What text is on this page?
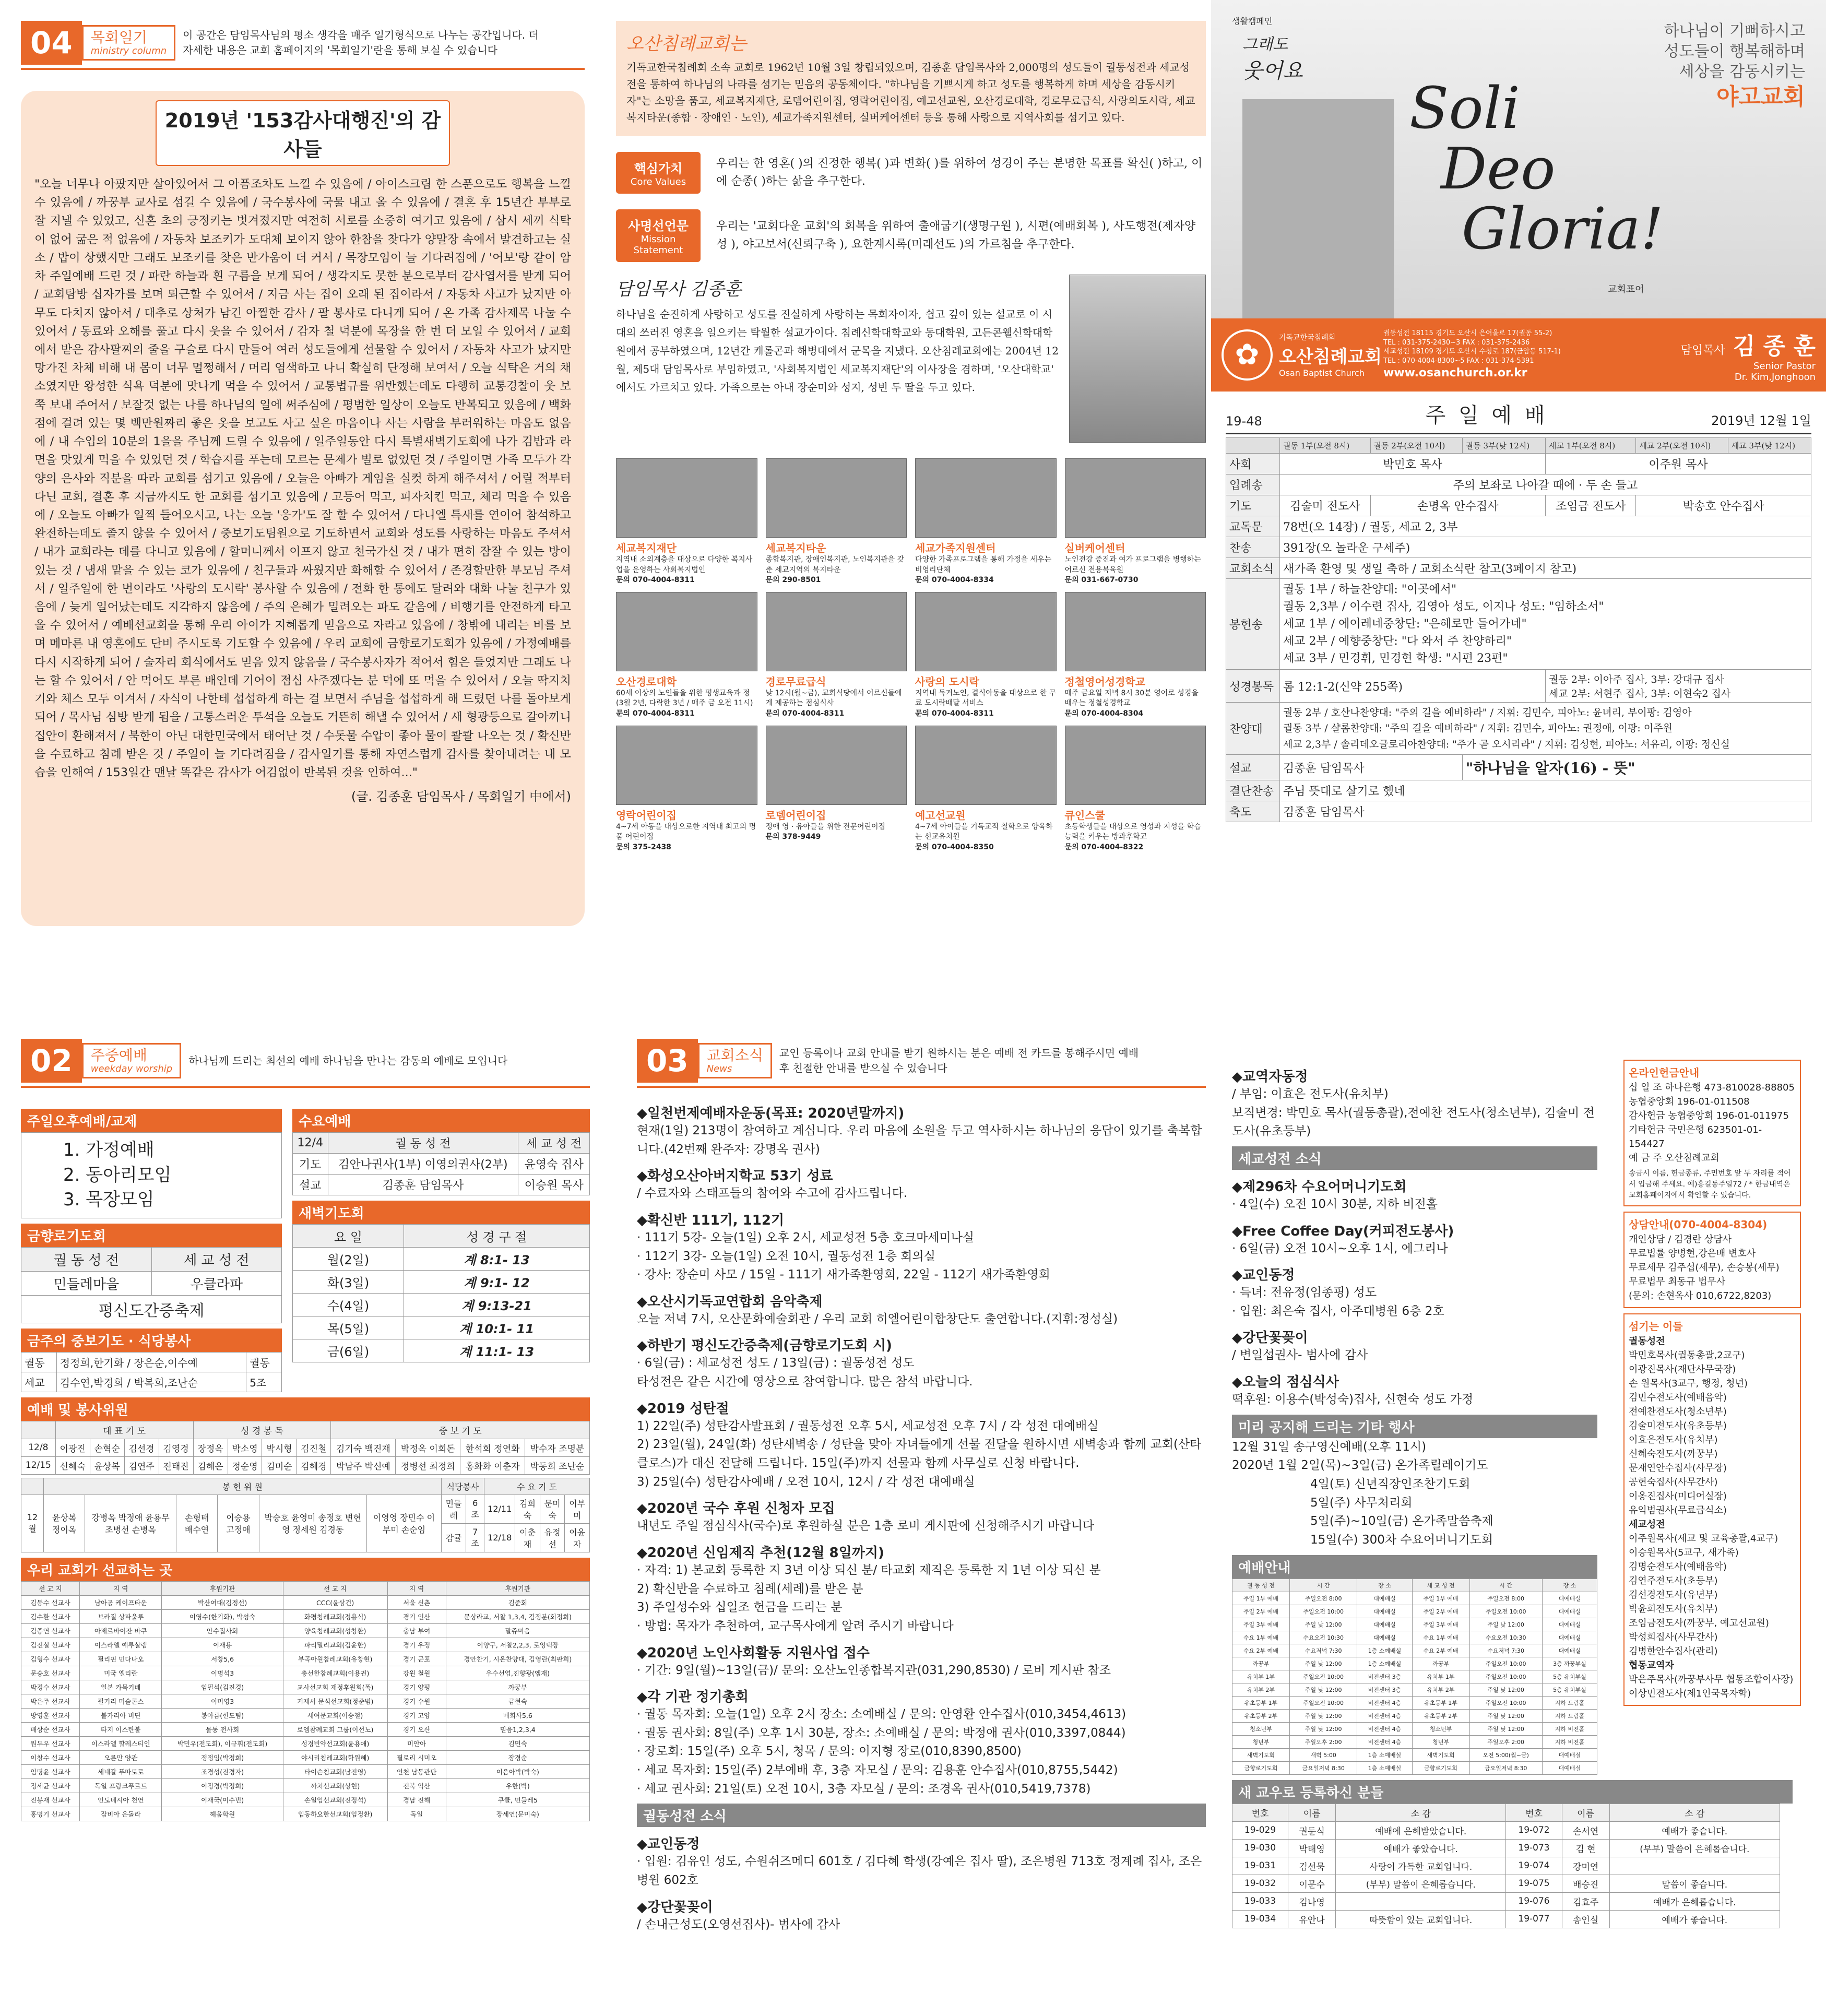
04 목회일기
ministry column
이 공간은 담임목사님의 평소 생각을 매주 일기형식으로 나누는 공간입니다. 더 자세한 내용은 교회 홈페이지의 '목회일기'란을 통해 보실 수 있습니다
2019년 '153감사대행진'의 감사들
"오늘 너무나 아팠지만 살아있어서 그 아픔조차도 느낄 수 있음에 / 아이스크림 한 스푼으로도 행복을 느낄 수 있음에 / 까꿍부 교사로 섬길 수 있음에 / 국수봉사에 국물 내고 올 수 있음에 / 결혼 후 15년간 부부로 잘 지낼 수 있었고, 신혼 초의 긍정키는 벗겨졌지만 여전히 서로를 소중히 여기고 있음에 / 삼시 세끼 식탁이 없어 굶은 적 없음에 / 자동차 보조키가 도대체 보이지 않아 한참을 찾다가 양말장 속에서 발견하고는 실소 / 밥이 상했지만 그래도 보조키를 찾은 반가움이 더 커서 / 목장모임이 늘 기다려짐에 / '어보'랑 같이 암차 주일예배 드린 것 / 파란 하늘과 흰 구름을 보게 되어 / 생각지도 못한 분으로부터 감사엽서를 받게 되어 / 교회탐방 십자가를 보며 퇴근할 수 있어서 / 지금 사는 집이 오래 된 집이라서 / 자동차 사고가 났지만 아무도 다치지 않아서 / 대추로 상처가 남긴 아찔한 감사 / 팔 봉사로 다니게 되어 / 온 가족 감사제목 나눌 수 있어서 / 동료와 오해를 풀고 다시 웃을 수 있어서 / 감자 철 덕분에 목장을 한 번 더 모일 수 있어서 / 교회에서 받은 감사팔찌의 줄을 구슬로 다시 만들어 여러 성도들에게 선물할 수 있어서 / 자동차 사고가 났지만 망가진 차체 비해 내 몸이 너무 멀쩡해서 / 머리 염색하고 나니 확실히 단정해 보여서 / 오늘 식탁은 거의 채소였지만 왕성한 식욕 덕분에 맛나게 먹을 수 있어서 / 교통법규를 위반했는데도 다행히 교통경찰이 웃 보 쭉 보내 주어서 / 보잘것 없는 나를 하나님의 일에 써주심에 / 평범한 일상이 오늘도 반복되고 있음에 / 백화점에 걸려 있는 몇 백만원짜리 좋은 옷을 보고도 사고 싶은 마음이나 사는 사람을 부러워하는 마음도 없음에 / 내 수입의 10분의 1을을 주님께 드릴 수 있음에 / 일주일동안 다시 특별새벽기도회에 나가 김밥과 라면을 맛있게 먹을 수 있었던 것 / 학습지를 푸는데 모르는 문제가 별로 없었던 것 / 주일이면 가족 모두가 각양의 은사와 직분을 따라 교회를 섬기고 있음에 / 오늘은 아빠가 게임을 실컷 하게 해주셔서 / 어릴 적부터 다닌 교회, 결혼 후 지금까지도 한 교회를 섬기고 있음에 / 고등어 먹고, 피자치킨 먹고, 체리 먹을 수 있음에 / 오늘도 아빠가 일찍 들어오시고, 나는 오늘 '응가'도 잘 할 수 있어서 / 다니엘 특새를 연이어 참석하고 완전하는데도 졸지 않을 수 있어서 / 중보기도팀원으로 기도하면서 교회와 성도를 사랑하는 마음도 주셔서 / 내가 교회라는 데를 다니고 있음에 / 할머니께서 이프지 않고 천국가신 것 / 내가 편히 잠잘 수 있는 방이 있는 것 / 냄새 맡을 수 있는 코가 있음에 / 친구들과 싸웠지만 화해할 수 있어서 / 존경할만한 부모님 주셔서 / 일주일에 한 번이라도 '사랑의 도시락' 봉사할 수 있음에 / 전화 한 통에도 달려와 대화 나눌 친구가 있음에 / 늦게 일어났는데도 지각하지 않음에 / 주의 은혜가 밀려오는 파도 같음에 / 비행기를 안전하게 타고 올 수 있어서 / 예배선교회을 통해 우리 아이가 지혜롭게 믿음으로 자라고 있음에 / 창밖에 내리는 비를 보며 메마른 내 영혼에도 단비 주시도록 기도할 수 있음에 / 우리 교회에 금향로기도회가 있음에 / 가정예배를 다시 시작하게 되어 / 술자리 회식에서도 믿음 있지 않음을 / 국수봉사자가 적어서 힘은 들었지만 그래도 나는 할 수 있어서 / 안 먹어도 부른 배인데 기어이 점심 사주겠다는 분 덕에 또 먹을 수 있어서 / 오늘 딱지치기와 체스 모두 이겨서 / 자식이 나한테 섭섭하게 하는 걸 보면서 주님을 섭섭하게 해 드렸던 나를 돌아보게 되어 / 목사님 심방 받게 됨을 / 고통스러운 투석을 오늘도 거뜬히 해낼 수 있어서 / 새 형광등으로 갈아끼니 집안이 환해져서 / 북한이 아닌 대한민국에서 태어난 것 / 수돗물 수압이 좋아 물이 콸콸 나오는 것 / 확신반을 수료하고 침례 받은 것 / 주일이 늘 기다려짐을 / 감사일기를 통해 자연스럽게 감사를 찾아내려는 내 모습을 인해여 / 153일간 맨날 똑같은 감사가 어김없이 반복된 것을 인하여..."
(글. 김종훈 담임목사 / 목회일기 中에서)
오산침례교회는
기독교한국침례회 소속 교회로 1962년 10월 3일 창립되었으며, 김종훈 담임목사와 2,000명의 성도들이 궐동성전과 세교성전을 통하여 하나님의 나라를 섬기는 믿음의 공동체이다. "하나님을 기쁘시게 하고 성도를 행복하게 하며 세상을 감동시키자"는 소망을 품고, 세교복지재단, 로뎀어린이집, 영락어린이집, 예고선교원, 오산경로대학, 경로무료급식, 사랑의도시락, 세교복지타운(종합 · 장애인 · 노인), 세교가족지원센터, 실버케어센터 등을 통해 사랑으로 지역사회를 섬기고 있다.
핵심가치
Core Values
우리는 한 영혼( )의 진정한 행복( )과 변화( )를 위하여 성경이 주는 분명한 목표를 확신( )하고, 이에 순종( )하는 삶을 추구한다.
사명선언문
Mission Statement
우리는 '교회다운 교회'의 회복을 위하여 출애굽기(생명구원 ), 시편(예배회복 ), 사도행전(제자양성 ), 야고보서(신뢰구축 ), 요한계시록(미래선도 )의 가르침을 추구한다.
담임목사 김종훈
하나님을 순진하게 사랑하고 성도를 진실하게 사랑하는 목회자이자, 쉽고 깊이 있는 설교로 이 시대의 쓰러진 영혼을 일으키는 탁월한 설교가이다. 침례신학대학교와 동대학원, 고든콘웰신학대학원에서 공부하였으며, 12년간 캐롤곤과 해병대에서 군목을 지냈다. 오산침례교회에는 2004년 12월, 제5대 담임목사로 부임하였고, '사회복지법인 세교복지재단'의 이사장을 겸하며, '오산대학교' 에서도 가르치고 있다. 가족으로는 아내 장순미와 성지, 성빈 두 딸을 두고 있다.
세교복지재단
지역내 소외계층을 대상으로 다양한 복지사업을 운영하는 사회복지법인
문의 070-4004-8311
세교복지타운
종합복지관, 장애인복지관, 노인복지관을 갖춘 세교지역의 복지타운
문의 290-8501
세교가족지원센터
다양한 가족프로그램을 통해 가정을 세우는 비영리단체
문의 070-4004-8334
실버케어센터
노인전강 증진과 여가 프로그램을 병행하는 어르신 전용복육원
문의 031-667-0730
오산경로대학
60세 이상의 노인들을 위한 평생교육과 정(3월 2년, 다락한 3년 / 매주 금 오전 11시)
문의 070-4004-8311
경로무료급식
낮 12시(월~금), 교회식당에서 어르신들에게 제공하는 점심식사
문의 070-4004-8311
사랑의 도시락
지역내 독거노인, 결식아동을 대상으로 한 무료 도시락배달 서비스
문의 070-4004-8311
정철영어성경학교
매주 금요일 저녁 8시 30분 영어로 성경을 배우는 정철성경학교
문의 070-4004-8304
영락어린이집
4~7세 아동을 대상으로한 지역내 최고의 명품 어린이집
문의 375-2438
로뎀어린이집
정애 영 · 유아들을 위한 전문어린이집
문의 378-9449
예고선교원
4~7세 아이들을 기독교적 철학으로 양육하는 선교유치원
문의 070-4004-8350
큐인스쿨
초등학생들을 대상으로 영성과 지성을 학습능력을 키우는 방과후학교
문의 070-4004-8322
생활캠페인
그래도
웃어요
하나님이 기뻐하시고
성도들이 행복해하며
세상을 감동시키는
야고교회
Soli
Deo
Gloria!
교회표어
✿	기독교한국침례회
오산침례교회
Osan Baptist Church
궐동성전 18115 경기도 오산시 은여울로 17(궐동 55-2)
TEL : 031-375-2430~3 FAX : 031-375-2436
세교성전 18109 경기도 오산시 수청로 187(금암동 517-1)
TEL : 070-4004-8300~5 FAX : 031-374-5391
www.osanchurch.or.kr
담임목사 김 종 훈
Senior Pastor
Dr. Kim,Jonghoon
19-48	주 일 예 배	2019년 12월 1일
	궐동 1부(오전 8시)	궐동 2부(오전 10시)	궐동 3부(낮 12시)	세교 1부(오전 8시)	세교 2부(오전 10시)	세교 3부(낮 12시)
사회	박민호 목사			이주원 목사		
입례송	주의 보좌로 나아갈 때에 · 두 손 들고					
기도	김술미 전도사	손명옥 안수집사		조임금 전도사	박송호 안수집사	
교독문	78번(오 14장) / 궐동, 세교 2, 3부					
찬송	391장(오 놀라운 구세주)					
교회소식	새가족 환영 및 생일 축하 / 교회소식란 참고(3페이지 참고)					
봉헌송	궐동 1부 / 하늘찬양대: "이곳에서"
궐동 2,3부 / 이수련 집사, 김영아 성도, 이지나 성도: "임하소서"
세교 1부 / 에이레네중창단: "은혜로만 들어가네"
세교 2부 / 예향중창단: "다 와서 주 찬양하리"
세교 3부 / 민경휘, 민경현 학생: "시편 23편"					

성경봉독	롬 12:1-2(신약 255쪽)			궐동 2부: 이아주 집사, 3부: 강대규 집사
세교 2부: 서현주 집사, 3부: 이현숙2 집사		

찬양대	궐동 2부 / 호산나찬양대: "주의 길을 예비하라" / 지휘: 김민수, 피아노: 윤녀리, 부이팡: 김영아
궐동 3부 / 샬롬찬양대: "주의 길을 예비하라" / 지휘: 김민수, 피아노: 권정애, 이팡: 이주원
세교 2,3부 / 솔리데오글로리아찬양대: "주가 곧 오시리라" / 지휘: 김성현, 피아노: 서유리, 이팡: 정신실					

설교	김종훈 담임목사		"하나님을 알자(16) - 뜻"			
결단찬송	주님 뜻대로 살기로 했네					
축도	김종훈 담임목사					
02 주중예배
weekday worship
하나님께 드리는 최선의 예배 하나님을 만나는 감동의 예배로 모입니다
주일오후예배/교제
1. 가정예배
2. 동아리모임
3. 목장모임
금향로기도회
궐 동 성 전	세 교 성 전
민들레마을	우클라파
평신도간증축제	
금주의 중보기도 · 식당봉사
궐동	정정희,한기화 / 장은순,이수예	궐동
세교	김수연,박경희 / 박복희,조난순	5조
수요예배
12/4	궐 동 성 전	세 교 성 전
기도	김안나권사(1부) 이영의권사(2부)	윤영숙 집사
설교	김종훈 담임목사	이승원 목사
새벽기도회
요 일	성 경 구 절
월(2일)	계 8:1- 13
화(3일)	계 9:1- 12
수(4일)	계 9:13-21
목(5일)	계 10:1- 11
금(6일)	계 11:1- 13
예배 및 봉사위원
	대 표 기 도				성 경 봉 독				중 보 기 도			
12/8	이광진	손혁순	김선경	김영경	장정옥	박소영	박시형	김진철	김기숙 백진재	박정옥 이희돈	한석희 정연화	박수자 조명분
12/15	신혜숙	윤상복	김연주	전태진	김혜은	정순영	김미순	김혜경	박남주 박신예	정병선 최정희	홍화화 이춘자	박동희 조난순
	봉 헌 위 원						식당봉사		수 요 기 도			
12월	윤상복 정이옥	강병옥 박정애 윤용무 조병선 손병옥	손형태 배수연	이승용 고정애	박승호 윤영미 송정호 변현영 정세원 김경동	이영영 장민수 이부미 손순임	민들레	6조	12/11	김희숙	문미숙	이부미
							감귤	7조	12/18	이춘재	유정선	이윤자
우리 교회가 선교하는 곳
선 교 지	지 역	후원기관	선 교 지	지 역	후원기관
김동수 선교사	남아공 케이프타운	박산여대(김정선)	CCC(윤상건)	서울 신촌	김준회
김수환 선교사	브라질 상파울루	이영수(한기화), 박성숙	화평침례교회(정용식)	경기 인산	문상라교, 서찰 1,3,4, 김정분(회정희)
김종연 선교사	아제르바이잔 바쿠	안수집사회	양육침례교회(성창환)	충남 부여	말쥬미음
김진실 선교사	이스라엘 예루살렘	이재용	파리밀리교회(김윤한)	경기 우정	이양구, 서찰2,2,3, 로잉택장
김형수 선교사	필리핀 민다나오	서창5,6	부곡아원참례교회(유창현)	경기 군포	경안찬기, 시온찬양대, 김영란(최판희)
문승호 선교사	미국 엘리란	이명석3	충선한참례교회(이용권)	강원 철원	우수선업,진향광(엠재)
박경수 선교사	일본 카목키베	임필석(김진경)	교사선교회 재정후원회(폭)	경기 양평	까꿍부
박은주 선교사	필기리 미술콘스	이미영3	거제서 문석선교회(정준범)	경기 수원	금현숙
방영훈 선교사	불가리아 비딘	봉아름(헌도팀)	세여문교회(이승철)	경기 고양	매회사5,6
배상순 선교사	타지 이스탄불	물동 전사회	로엠참례교회 그룹(이선노)	경기 오산	믿음1,2,3,4
원두우 선교사	이스라엘 할레스티인	박민우(전도회), 이규휘(전도회)	성경빈약선교회(윤용애)	미안아	김민숙
이창수 선교사	오른만 양관	정정임(박정희)	야시리침례교회(학원혜)	필로리 시미오	장경순
임명윤 선교사	세네갈 푸따토로	조경성(전경자)	타이슨침교회(남진영)	인천 남동관단	이음아박(박숙)
정세균 선교사	독일 프랑크푸르트	이정경(박정희)	까치선교회(상현)	전북 익산	우한(박)
진봉재 선교사	인도네시아 천연	이재국(이수빈)	손일임선교회(진정석)	경남 진해	쿠클, 민들레5
홍명기 선교사	잠비아 운돌라	헤움학원	임동하요한선교회(임정환)	독일	장세연(문미숙)
03 교회소식
News
교인 등록이나 교회 안내를 받기 원하시는 분은 예배 전 카드를 봉해주시면 예배 후 친절한 안내를 받으실 수 있습니다
◆일천번제예배자운동(목표: 2020년말까지)
현재(1일) 213명이 참여하고 계십니다. 우리 마음에 소원을 두고 역사하시는 하나님의 응답이 있기를 축복합니다.(42번째 완주자: 강명옥 권사)
◆화성오산아버지학교 53기 성료
/ 수료자와 스태프들의 참여와 수고에 감사드립니다.
◆확신반 111기, 112기
· 111기 5강- 오늘(1일) 오후 2시, 세교성전 5층 호크마세미나실
· 112기 3강- 오늘(1일) 오전 10시, 궐동성전 1층 회의실
· 강사: 장순미 사모 / 15일 - 111기 새가족환영회, 22일 - 112기 새가족환영회
◆오산시기독교연합회 음악축제
오늘 저녁 7시, 오산문화예술회관 / 우리 교회 히엘어린이합창단도 출연합니다.(지휘:정성실)
◆하반기 평신도간증축제(금향로기도회 시)
· 6일(금) : 세교성전 성도 / 13일(금) : 궐동성전 성도
타성전은 같은 시간에 영상으로 참여합니다. 많은 참석 바랍니다.
◆2019 성탄절
1) 22일(주) 성탄감사발표회 / 궐동성전 오후 5시, 세교성전 오후 7시 / 각 성전 대예배실
2) 23일(월), 24일(화) 성탄새벽송 / 성탄을 맞아 자녀들에게 선물 전달을 원하시면 새벽송과 함께 교회(산타클로스)가 대신 전달해 드립니다. 15일(주)까지 선물과 함께 사무실로 신청 바랍니다.
3) 25일(수) 성탄감사예배 / 오전 10시, 12시 / 각 성전 대예배실
◆2020년 국수 후원 신청자 모집
내년도 주일 점심식사(국수)로 후원하실 분은 1층 로비 게시판에 신청해주시기 바랍니다
◆2020년 신임제직 추천(12월 8일까지)
· 자격: 1) 본교회 등록한 지 3년 이상 되신 분/ 타교회 제직은 등록한 지 1년 이상 되신 분
2) 확신반을 수료하고 침례(세례)를 받은 분
3) 주일성수와 십일조 헌금을 드리는 분
· 방법: 목자가 추천하여, 교구목사에게 알려 주시기 바랍니다
◆2020년 노인사회활동 지원사업 접수
· 기간: 9일(월)~13일(금)/ 문의: 오산노인종합복지관(031,290,8530) / 로비 게시판 참조
◆각 기관 정기총회
· 궐동 목자회: 오늘(1일) 오후 2시 장소: 소예배실 / 문의: 안영환 안수집사(010,3454,4613)
· 궐동 권사회: 8일(주) 오후 1시 30분, 장소: 소예배실 / 문의: 박정애 권사(010,3397,0844)
· 장로회: 15일(주) 오후 5시, 청목 / 문의: 이지형 장로(010,8390,8500)
· 세교 목자회: 15일(주) 2부예배 후, 3층 자모실 / 문의: 김용훈 안수집사(010,8755,5442)
· 세교 권사회: 21일(토) 오전 10시, 3층 자모실 / 문의: 조경옥 권사(010,5419,7378)
궐동성전 소식
◆교인동정
· 입원: 김유인 성도, 수원쉬즈메디 601호 / 김다혜 학생(강예은 집사 딸), 조은병원 713호 정계례 집사, 조은병원 602호
◆강단꽃꽂이
/ 손내근성도(오영선집사)- 범사에 감사
◆교역자동정
/ 부임: 이효은 전도사(유치부)
보직변경: 박민호 목사(궐동총괄),전예찬 전도사(청소년부), 김술미 전도사(유초등부)
세교성전 소식
◆제296차 수요어머니기도회
· 4일(수) 오전 10시 30분, 지하 비전홀
◆Free Coffee Day(커피전도봉사)
· 6일(금) 오전 10시~오후 1시, 에그리나
◆교인동정
· 득녀: 전유정(임종핑) 성도
· 입원: 최은숙 집사, 아주대병원 6층 2호
◆강단꽃꽂이
/ 변일섭권사- 범사에 감사
◆오늘의 점심식사
떡후원: 이용수(박성숙)집사, 신현숙 성도 가정
미리 공지해 드리는 기타 행사
12월 31일 송구영신예배(오후 11시)
2020년 1월 2일(목)~3일(금) 온가족릴레이기도
4일(토) 신년직장인조찬기도회
5일(주) 사무처리회
5일(주)~10일(금) 온가족말씀축제
15일(수) 300차 수요어머니기도회
예배안내
궐 동 성 전	시 간	장 소	세 교 성 전	시 간	장 소
주일 1부 예배	주일오전 8:00	대예배실	주일 1부 예배	주일오전 8:00	대예배실
주일 2부 예배	주일오전 10:00	대예배실	주일 2부 예배	주일오전 10:00	대예배실
주일 3부 예배	주일 낮 12:00	대예배실	주일 3부 예배	주일 낮 12:00	대예배실
수요 1부 예배	수요오전 10:30	대예배실	수요 1부 예배	수요오전 10:30	대예배실
수요 2부 예배	수요저녁 7:30	1층 소예배실	수요 2부 예배	수요저녁 7:30	대예배실
까꿍부	주일 낮 12:00	1층 소예배실	까꿍부	주일오전 10:00	3층 까꿍부실
유치부 1부	주일오전 10:00	비전센터 3층	유치부 1부	주일오전 10:00	5층 유치부실
유치부 2부	주일 낮 12:00	비전센터 3층	유치부 2부	주일 낮 12:00	5층 유치부실
유초등부 1부	주일오전 10:00	비전센터 4층	유초등부 1부	주일오전 10:00	지하 드림홀
유초등부 2부	주일 낮 12:00	비전센터 4층	유초등부 2부	주일 낮 12:00	지하 드림홀
청소년부	주일 낮 12:00	비전센터 4층	청소년부	주일 낮 12:00	지하 비전홀
청년부	주일오후 2:00	비전센터 4층	청년부	주일오후 2:00	지하 비전홀
새벽기도회	새벽 5:00	1층 소예배실	새벽기도회	오전 5:00(월~금)	대예배실
금향로기도회	금요일저녁 8:30	1층 소예배실	금향로기도회	금요일저녁 8:30	대예배실
새 교우로 등록하신 분들
번호	이름	소 감	번호	이름	소 감
19-029	권둔식	예배에 은혜받았습니다.	19-072	손서연	예배가 좋습니다.
19-030	박태영	예배가 좋았습니다.	19-073	김 현	(부부) 말씀이 은혜롭습니다.
19-031	김선묵	사랑이 가득한 교회입니다.	19-074	강미연	
19-032	이문수	(부부) 말씀이 은혜롭습니다.	19-075	배승진	말씀이 좋습니다.
19-033	김나영		19-076	김효주	예배가 은혜롭습니다.
19-034	유안나	따뜻함이 있는 교회입니다.	19-077	송인실	예배가 좋습니다.
온라인헌금안내
십 일 조 하나은행 473-810028-88805
농협중앙회 196-01-011508
감사헌금 농협중앙회 196-01-011975
기타헌금 국민은행 623501-01-154427
예 금 주 오산침례교회
송금시 이름, 헌금종류, 주민번호 앞 두 자리를 적어서 입금해 주세요. 예)홍길동주일72 / * 한금내역은 교회홈페이지에서 확인할 수 있습니다.
상담안내(070-4004-8304)
개인상담 / 김경란 상담사
무료법률 양병현,강은배 변호사
무료세무 김주섭(세무), 손승봉(세무)
무료법무 최동규 법무사
(문의: 손현옥사 010,6722,8203)
섬기는 이들
궐동성전
박민호목사(궐동총괄,2교구)
이광진목사(재단사무국장)
손 원목사(3교구, 행정, 청년)
김민수전도사(예배음악)
전예찬전도사(청소년부)
김술미전도사(유초등부)
이효은전도사(유치부)
신혜숙전도사(까꿍부)
문재연안수집사(사무장)
공현숙집사(사무간사)
이옹진집사(미디어실장)
유익범권사(무료급식소)
세교성전
이주원목사(세교 및 교육총괄,4교구)
이승원목사(5교구, 새가족)
김명순전도사(예배음악)
김연주전도사(초등부)
김선경전도사(유년부)
박윤희전도사(유치부)
조임금전도사(까꿍부, 예고선교원)
박성희집사(사무간사)
김병한안수집사(관리)
협동교역자
박은주목사(까꿍부사무 협동조합이사장)
이상민전도사(제1인국목자학)
